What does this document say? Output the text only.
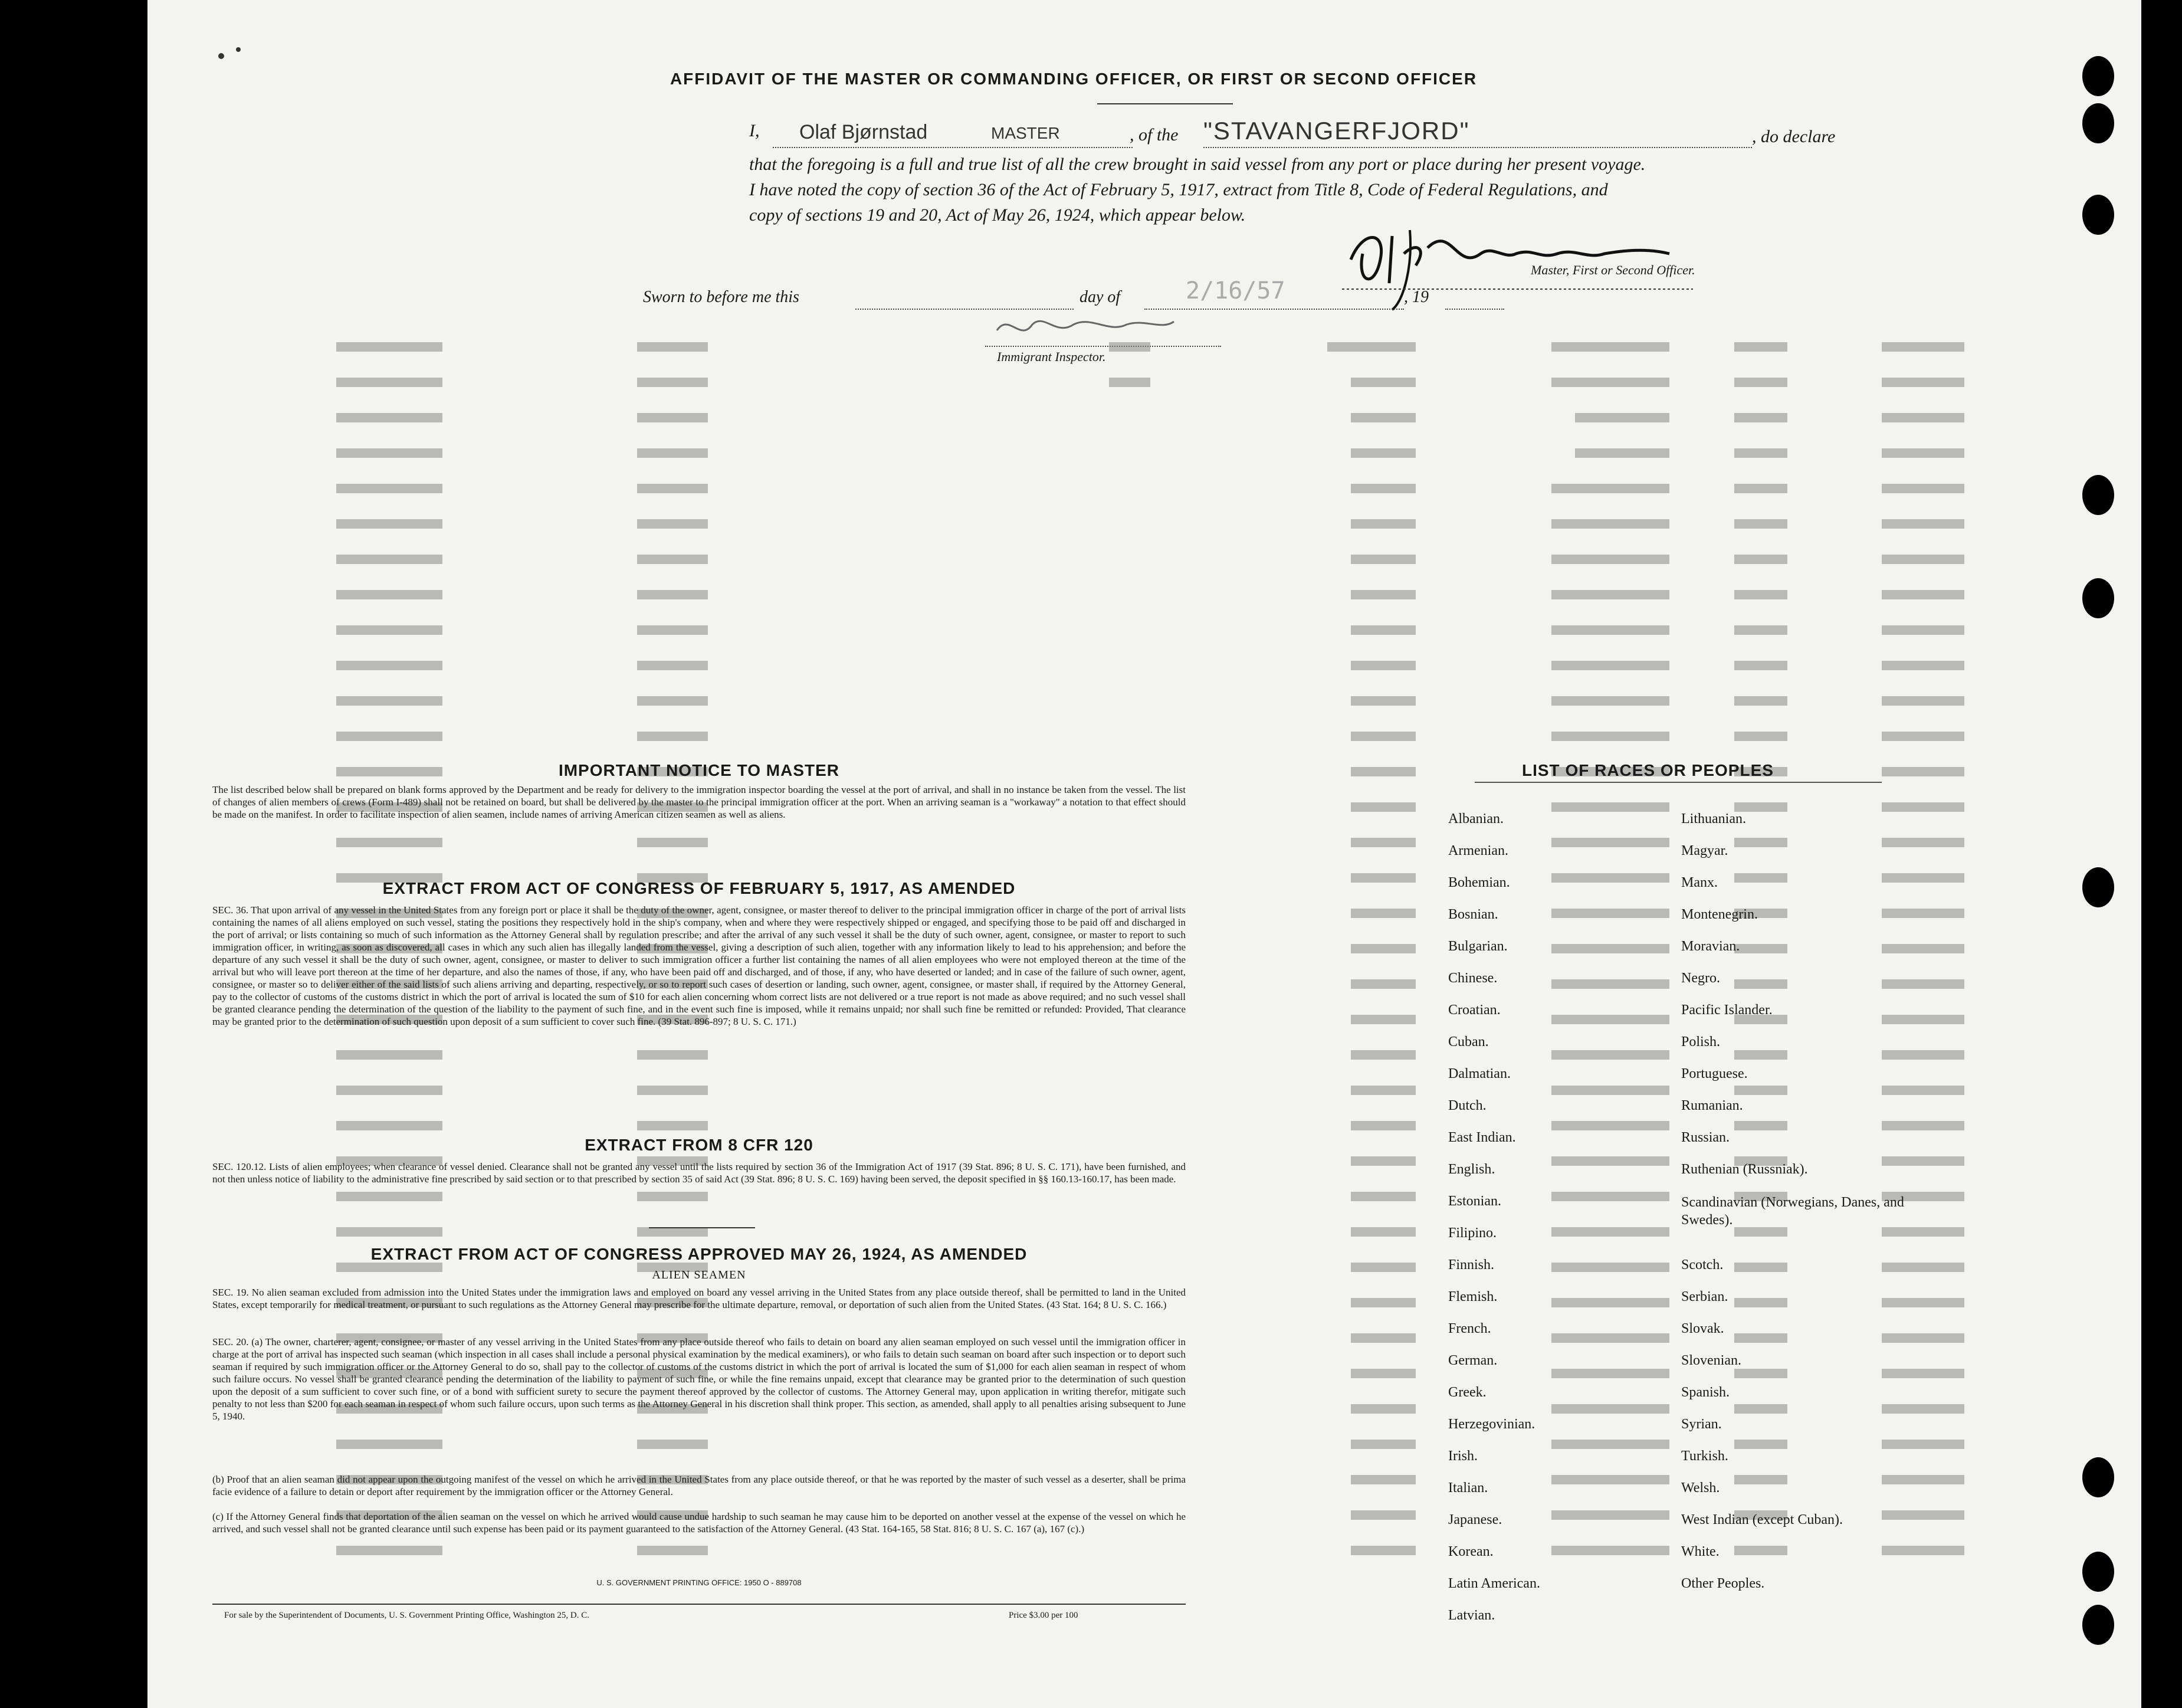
AFFIDAVIT OF THE MASTER OR COMMANDING OFFICER, OR FIRST OR SECOND OFFICER
I, Olaf Bjørnstad	MASTER	, of the "STAVANGERFJORD"	, do declare
that the foregoing is a full and true list of all the crew brought in said vessel from any port or place during her present voyage.
I have noted the copy of section 36 of the Act of February 5, 1917, extract from Title 8, Code of Federal Regulations, and
copy of sections 19 and 20, Act of May 26, 1924, which appear below.
Master, First or Second Officer.
Sworn to before me this	day of	2/16/57	, 19
Immigrant Inspector.
IMPORTANT NOTICE TO MASTER
The list described below shall be prepared on blank forms approved by the Department and be ready for delivery to the immigration inspector boarding the vessel at the port of arrival, and shall in no instance be taken from the vessel. The list of changes of alien members of crews (Form I-489) shall not be retained on board, but shall be delivered by the master to the principal immigration officer at the port. When an arriving seaman is a "workaway" a notation to that effect should be made on the manifest. In order to facilitate inspection of alien seamen, include names of arriving American citizen seamen as well as aliens.
EXTRACT FROM ACT OF CONGRESS OF FEBRUARY 5, 1917, AS AMENDED
SEC. 36. That upon arrival of any vessel in the United States from any foreign port or place it shall be the duty of the owner, agent, consignee, or master thereof to deliver to the principal immigration officer in charge of the port of arrival lists containing the names of all aliens employed on such vessel, stating the positions they respectively hold in the ship's company, when and where they were respectively shipped or engaged, and specifying those to be paid off and discharged in the port of arrival; or lists containing so much of such information as the Attorney General shall by regulation prescribe; and after the arrival of any such vessel it shall be the duty of such owner, agent, consignee, or master to report to such immigration officer, in writing, as soon as discovered, all cases in which any such alien has illegally landed from the vessel, giving a description of such alien, together with any information likely to lead to his apprehension; and before the departure of any such vessel it shall be the duty of such owner, agent, consignee, or master to deliver to such immigration officer a further list containing the names of all alien employees who were not employed thereon at the time of the arrival but who will leave port thereon at the time of her departure, and also the names of those, if any, who have been paid off and discharged, and of those, if any, who have deserted or landed; and in case of the failure of such owner, agent, consignee, or master so to deliver either of the said lists of such aliens arriving and departing, respectively, or so to report such cases of desertion or landing, such owner, agent, consignee, or master shall, if required by the Attorney General, pay to the collector of customs of the customs district in which the port of arrival is located the sum of $10 for each alien concerning whom correct lists are not delivered or a true report is not made as above required; and no such vessel shall be granted clearance pending the determination of the question of the liability to the payment of such fine, and in the event such fine is imposed, while it remains unpaid; nor shall such fine be remitted or refunded: Provided, That clearance may be granted prior to the determination of such question upon deposit of a sum sufficient to cover such fine. (39 Stat. 896-897; 8 U. S. C. 171.)
EXTRACT FROM 8 CFR 120
SEC. 120.12. Lists of alien employees; when clearance of vessel denied. Clearance shall not be granted any vessel until the lists required by section 36 of the Immigration Act of 1917 (39 Stat. 896; 8 U. S. C. 171), have been furnished, and not then unless notice of liability to the administrative fine prescribed by said section or to that prescribed by section 35 of said Act (39 Stat. 896; 8 U. S. C. 169) having been served, the deposit specified in §§ 160.13-160.17, has been made.
EXTRACT FROM ACT OF CONGRESS APPROVED MAY 26, 1924, AS AMENDED
ALIEN SEAMEN
SEC. 19. No alien seaman excluded from admission into the United States under the immigration laws and employed on board any vessel arriving in the United States from any place outside thereof, shall be permitted to land in the United States, except temporarily for medical treatment, or pursuant to such regulations as the Attorney General may prescribe for the ultimate departure, removal, or deportation of such alien from the United States. (43 Stat. 164; 8 U. S. C. 166.)
SEC. 20. (a) The owner, charterer, agent, consignee, or master of any vessel arriving in the United States from any place outside thereof who fails to detain on board any alien seaman employed on such vessel until the immigration officer in charge at the port of arrival has inspected such seaman (which inspection in all cases shall include a personal physical examination by the medical examiners), or who fails to detain such seaman on board after such inspection or to deport such seaman if required by such immigration officer or the Attorney General to do so, shall pay to the collector of customs of the customs district in which the port of arrival is located the sum of $1,000 for each alien seaman in respect of whom such failure occurs. No vessel shall be granted clearance pending the determination of the liability to payment of such fine, or while the fine remains unpaid, except that clearance may be granted prior to the determination of such question upon the deposit of a sum sufficient to cover such fine, or of a bond with sufficient surety to secure the payment thereof approved by the collector of customs. The Attorney General may, upon application in writing therefor, mitigate such penalty to not less than $200 for each seaman in respect of whom such failure occurs, upon such terms as the Attorney General in his discretion shall think proper. This section, as amended, shall apply to all penalties arising subsequent to June 5, 1940.
(b) Proof that an alien seaman did not appear upon the outgoing manifest of the vessel on which he arrived in the United States from any place outside thereof, or that he was reported by the master of such vessel as a deserter, shall be prima facie evidence of a failure to detain or deport after requirement by the immigration officer or the Attorney General.
(c) If the Attorney General finds that deportation of the alien seaman on the vessel on which he arrived would cause undue hardship to such seaman he may cause him to be deported on another vessel at the expense of the vessel on which he arrived, and such vessel shall not be granted clearance until such expense has been paid or its payment guaranteed to the satisfaction of the Attorney General. (43 Stat. 164-165, 58 Stat. 816; 8 U. S. C. 167 (a), 167 (c).)
U. S. GOVERNMENT PRINTING OFFICE: 1950 O - 889708
For sale by the Superintendent of Documents, U. S. Government Printing Office, Washington 25, D. C.	Price $3.00 per 100
LIST OF RACES OR PEOPLES
Albanian.
Armenian.
Bohemian.
Bosnian.
Bulgarian.
Chinese.
Croatian.
Cuban.
Dalmatian.
Dutch.
East Indian.
English.
Estonian.
Filipino.
Finnish.
Flemish.
French.
German.
Greek.
Herzegovinian.
Irish.
Italian.
Japanese.
Korean.
Latin American.
Latvian.
Lithuanian.
Magyar.
Manx.
Montenegrin.
Moravian.
Negro.
Pacific Islander.
Polish.
Portuguese.
Rumanian.
Russian.
Ruthenian (Russniak).
Scandinavian (Norwegians, Danes, and Swedes).
Scotch.
Serbian.
Slovak.
Slovenian.
Spanish.
Syrian.
Turkish.
Welsh.
West Indian (except Cuban).
White.
Other Peoples.
